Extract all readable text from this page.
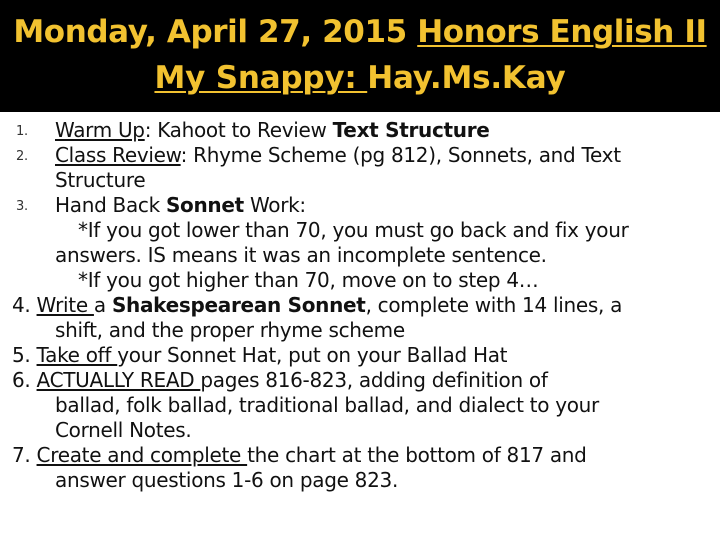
Monday, April 27, 2015 Honors English II
My Snappy: Hay.Ms.Kay
1. Warm Up: Kahoot to Review Text Structure
2. Class Review: Rhyme Scheme (pg 812), Sonnets, and Text
Structure
3. Hand Back Sonnet Work:
*If you got lower than 70, you must go back and fix your
answers. IS means it was an incomplete sentence.
*If you got higher than 70, move on to step 4…
4. Write a Shakespearean Sonnet, complete with 14 lines, a
shift, and the proper rhyme scheme
5. Take off your Sonnet Hat, put on your Ballad Hat
6. ACTUALLY READ pages 816-823, adding definition of
ballad, folk ballad, traditional ballad, and dialect to your
Cornell Notes.
7. Create and complete the chart at the bottom of 817 and
answer questions 1-6 on page 823.
